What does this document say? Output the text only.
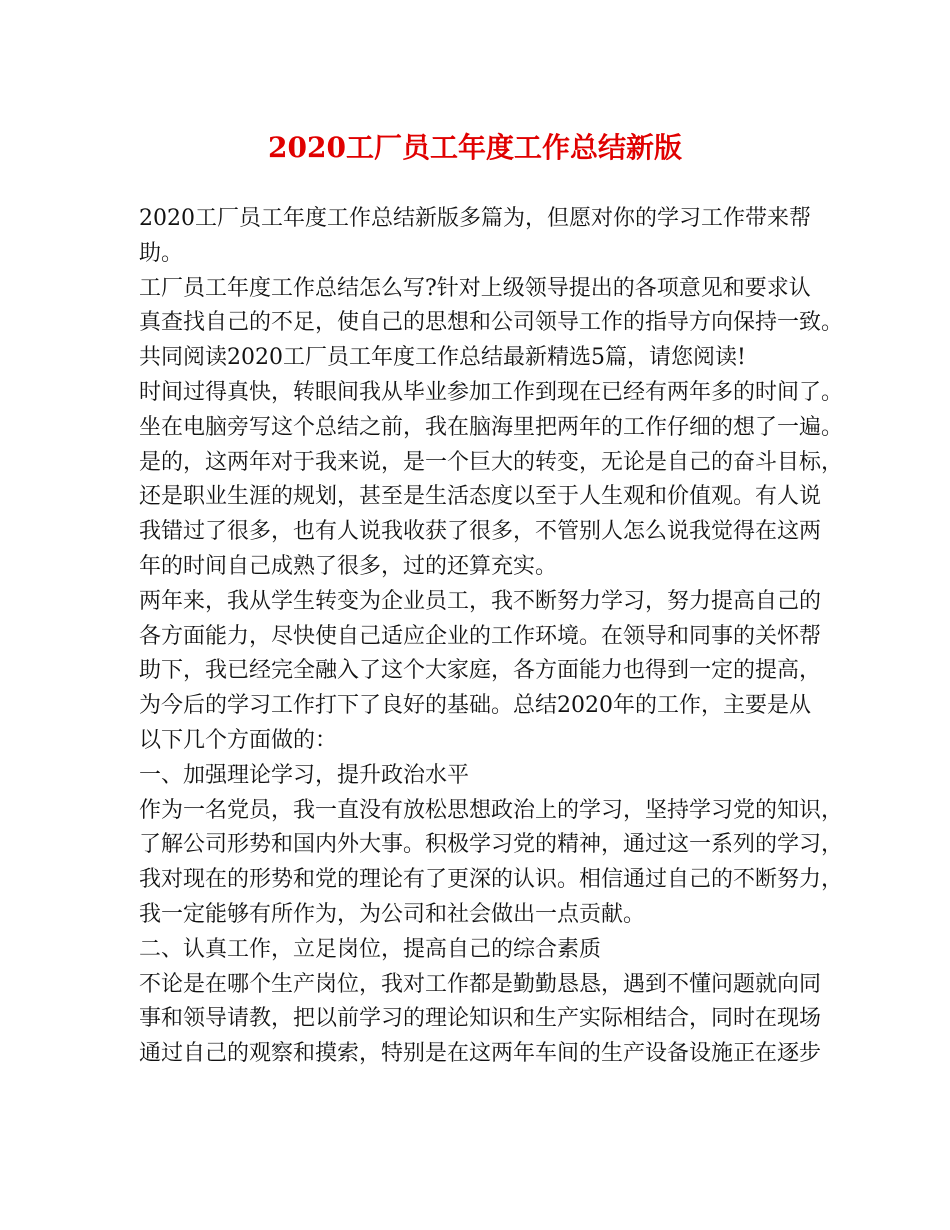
2020工厂员工年度工作总结新版
2020工厂员工年度工作总结新版多篇为，但愿对你的学习工作带来帮
助。
工厂员工年度工作总结怎么写?针对上级领导提出的各项意见和要求认
真查找自己的不足，使自己的思想和公司领导工作的指导方向保持一致。
共同阅读2020工厂员工年度工作总结最新精选5篇，请您阅读!
时间过得真快，转眼间我从毕业参加工作到现在已经有两年多的时间了。
坐在电脑旁写这个总结之前，我在脑海里把两年的工作仔细的想了一遍。
是的，这两年对于我来说，是一个巨大的转变，无论是自己的奋斗目标，
还是职业生涯的规划，甚至是生活态度以至于人生观和价值观。有人说
我错过了很多，也有人说我收获了很多，不管别人怎么说我觉得在这两
年的时间自己成熟了很多，过的还算充实。
两年来，我从学生转变为企业员工，我不断努力学习，努力提高自己的
各方面能力，尽快使自己适应企业的工作环境。在领导和同事的关怀帮
助下，我已经完全融入了这个大家庭，各方面能力也得到一定的提高，
为今后的学习工作打下了良好的基础。总结2020年的工作，主要是从
以下几个方面做的：
一、加强理论学习，提升政治水平
作为一名党员，我一直没有放松思想政治上的学习，坚持学习党的知识，
了解公司形势和国内外大事。积极学习党的精神，通过这一系列的学习，
我对现在的形势和党的理论有了更深的认识。相信通过自己的不断努力，
我一定能够有所作为，为公司和社会做出一点贡献。
二、认真工作，立足岗位，提高自己的综合素质
不论是在哪个生产岗位，我对工作都是勤勤恳恳，遇到不懂问题就向同
事和领导请教，把以前学习的理论知识和生产实际相结合，同时在现场
通过自己的观察和摸索，特别是在这两年车间的生产设备设施正在逐步
